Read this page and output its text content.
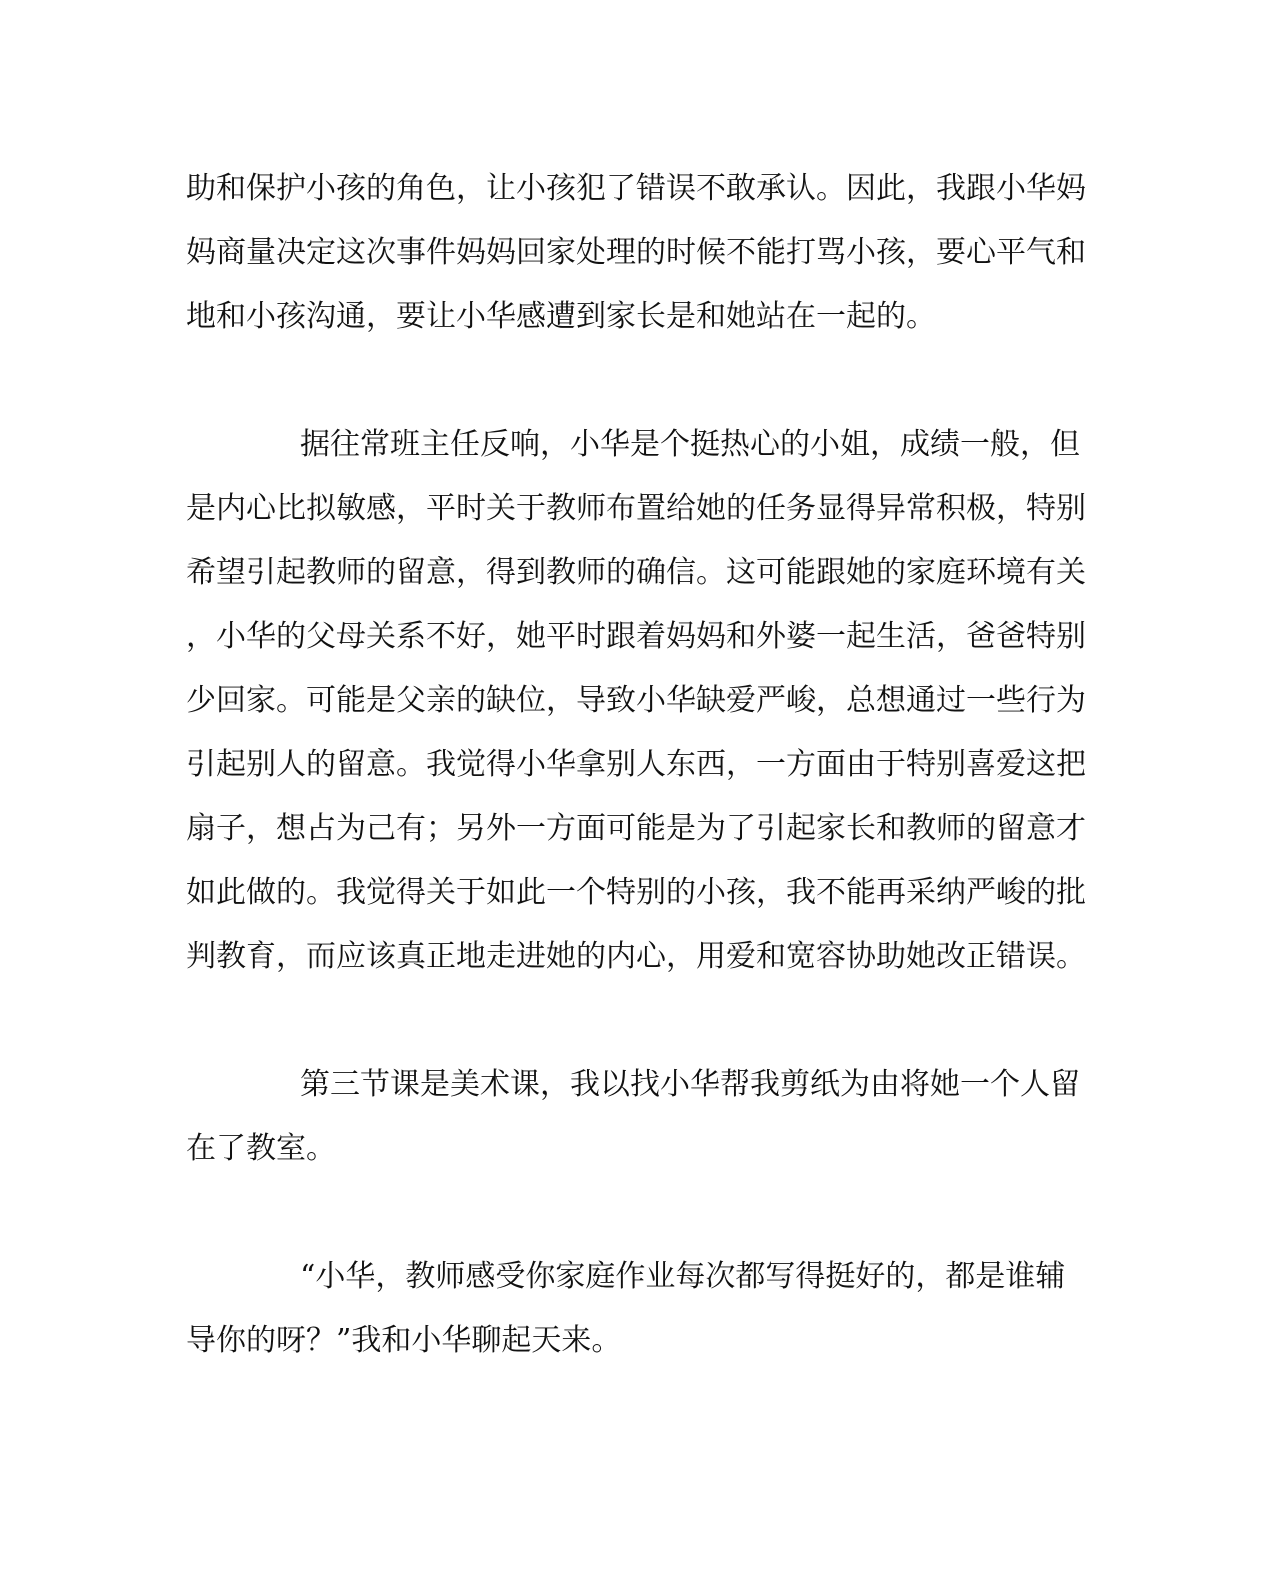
助和保护小孩的角色，让小孩犯了错误不敢承认。因此，我跟小华妈

妈商量决定这次事件妈妈回家处理的时候不能打骂小孩，要心平气和

地和小孩沟通，要让小华感遭到家长是和她站在一起的。

据往常班主任反响，小华是个挺热心的小姐，成绩一般，但

是内心比拟敏感，平时关于教师布置给她的任务显得异常积极，特别

希望引起教师的留意，得到教师的确信。这可能跟她的家庭环境有关

，小华的父母关系不好，她平时跟着妈妈和外婆一起生活，爸爸特别

少回家。可能是父亲的缺位，导致小华缺爱严峻，总想通过一些行为

引起别人的留意。我觉得小华拿别人东西，一方面由于特别喜爱这把

扇子，想占为己有；另外一方面可能是为了引起家长和教师的留意才

如此做的。我觉得关于如此一个特别的小孩，我不能再采纳严峻的批

判教育，而应该真正地走进她的内心，用爱和宽容协助她改正错误。

第三节课是美术课，我以找小华帮我剪纸为由将她一个人留

在了教室。

“小华，教师感受你家庭作业每次都写得挺好的，都是谁辅

导你的呀？”我和小华聊起天来。
